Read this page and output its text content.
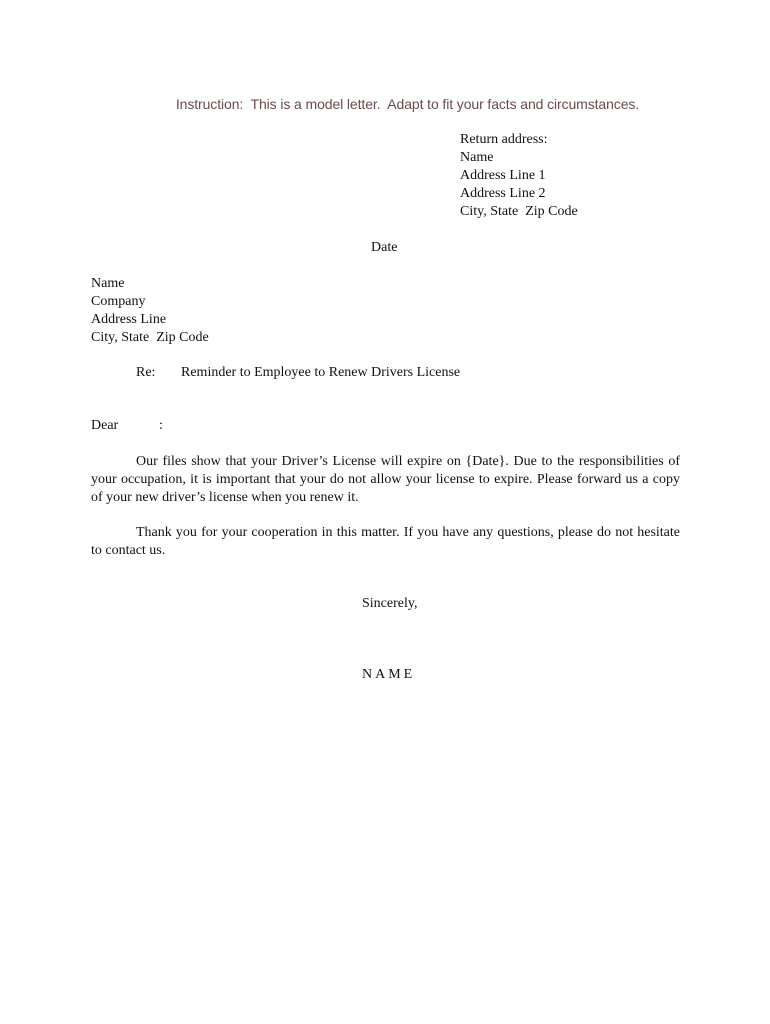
Instruction:  This is a model letter.  Adapt to fit your facts and circumstances.
Return address:
Name
Address Line 1
Address Line 2
City, State  Zip Code
Date
Name
Company
Address Line
City, State  Zip Code
Re: Reminder to Employee to Renew Drivers License
Dear	:

Our files show that your Driver’s License will expire on {Date}. Due to the responsibilities of your occupation, it is important that your do not allow your license to expire. Please forward us a copy of your new driver’s license when you renew it.

Thank you for your cooperation in this matter. If you have any questions, please do not hesitate to contact us.

Sincerely,
NAME
